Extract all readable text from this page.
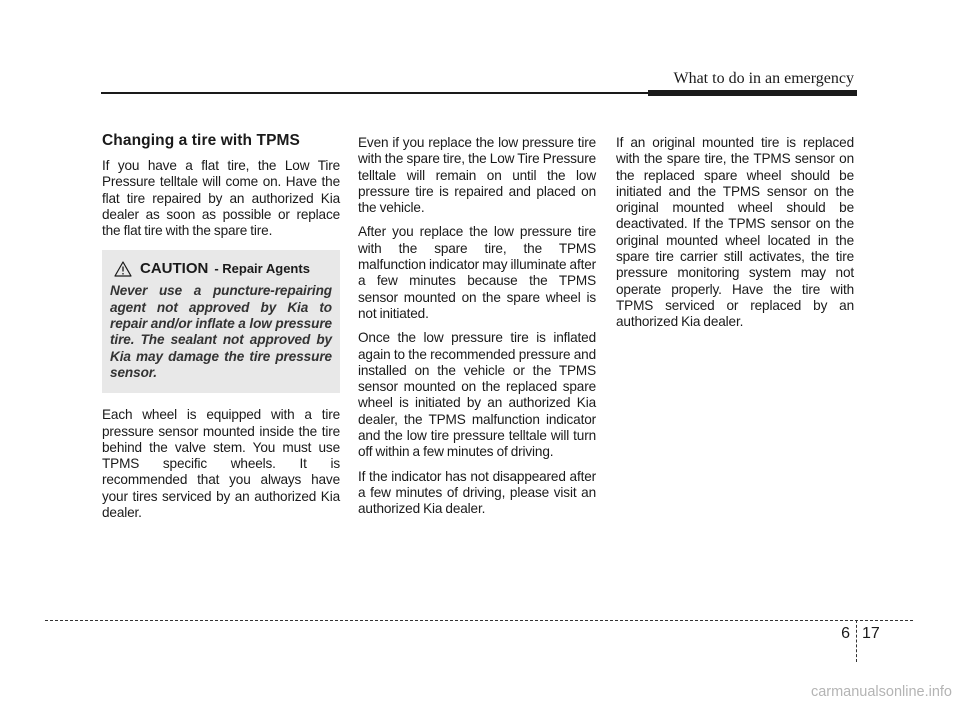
What to do in an emergency
Changing a tire with TPMS

If you have a flat tire, the Low Tire Pressure telltale will come on. Have the flat tire repaired by an authorized Kia dealer as soon as possible or replace the flat tire with the spare tire.

CAUTION - Repair Agents

Never use a puncture-repairing agent not approved by Kia to repair and/or inflate a low pressure tire. The sealant not approved by Kia may damage the tire pressure sensor.

Each wheel is equipped with a tire pressure sensor mounted inside the tire behind the valve stem. You must use TPMS specific wheels. It is recommended that you always have your tires serviced by an authorized Kia dealer.

Even if you replace the low pressure tire with the spare tire, the Low Tire Pressure telltale will remain on until the low pressure tire is repaired and placed on the vehicle.

After you replace the low pressure tire with the spare tire, the TPMS malfunction indicator may illuminate after a few minutes because the TPMS sensor mounted on the spare wheel is not initiated.

Once the low pressure tire is inflated again to the recommended pressure and installed on the vehicle or the TPMS sensor mounted on the replaced spare wheel is initiated by an authorized Kia dealer, the TPMS malfunction indicator and the low tire pressure telltale will turn off within a few minutes of driving.

If the indicator has not disappeared after a few minutes of driving, please visit an authorized Kia dealer.

If an original mounted tire is replaced with the spare tire, the TPMS sensor on the replaced spare wheel should be initiated and the TPMS sensor on the original mounted wheel should be deactivated. If the TPMS sensor on the original mounted wheel located in the spare tire carrier still activates, the tire pressure monitoring system may not operate properly. Have the tire with TPMS serviced or replaced by an authorized Kia dealer.

6 17
carmanualsonline.info
